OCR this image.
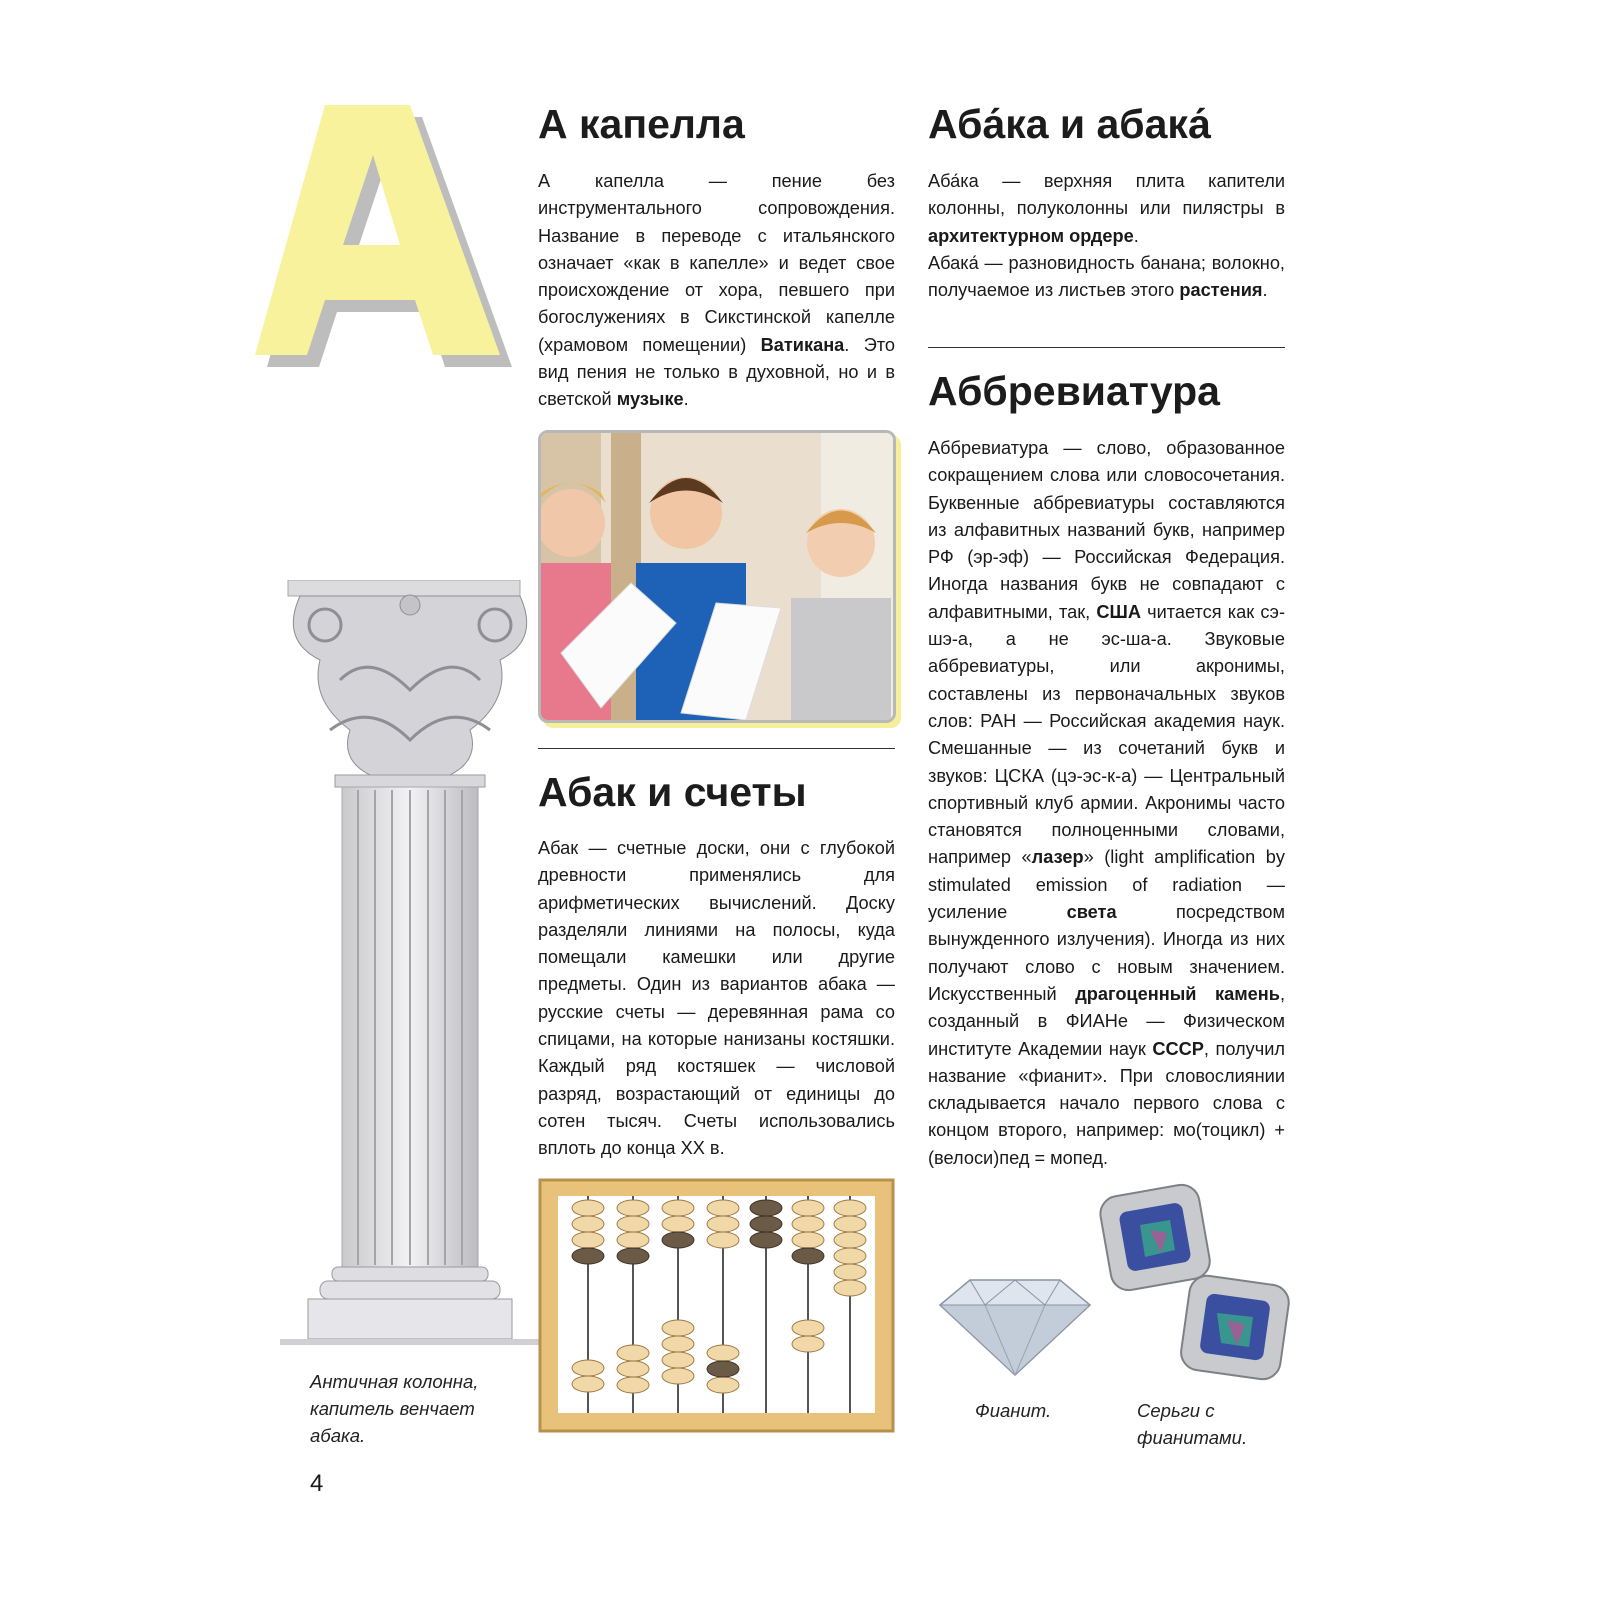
A
Античная колонна, капитель венчает абака.
4
А капелла

А капелла — пение без инструментального сопровождения. Название в переводе с итальянского означает «как в капелле» и ведет свое происхождение от хора, певшего при богослужениях в Сикстинской капелле (храмовом помещении) Ватикана. Это вид пения не только в духовной, но и в светской музыке.

Абак и счеты
Абак — счетные доски, они с глубокой древности применялись для арифметических вычислений. Доску разделяли линиями на полосы, куда помещали камешки или другие предметы. Один из вариантов абака — русские счеты — деревянная рама со спицами, на которые нанизаны костяшки. Каждый ряд костяшек — числовой разряд, возрастающий от единицы до сотен тысяч. Счеты использовались вплоть до конца XX в.
Аба́ка и абака́

Аба́ка — верхняя плита капители колонны, полуколонны или пилястры в архитектурном ордере.

Абака́ — разновидность банана; волокно, получаемое из листьев этого растения.

Аббревиатура

Аббревиатура — слово, образованное сокращением слова или словосочетания. Буквенные аббревиатуры составляются из алфавитных названий букв, например РФ (эр-эф) — Российская Федерация. Иногда названия букв не совпадают с алфавитными, так, США читается как сэ-шэ-а, а не эс-ша-а. Звуковые аббревиатуры, или акронимы, составлены из первоначальных звуков слов: РАН — Российская академия наук. Смешанные — из сочетаний букв и звуков: ЦСКА (цэ-эс-к-а) — Центральный спортивный клуб армии. Акронимы часто становятся полноценными словами, например «лазер» (light amplification by stimulated emission of radiation — усиление света посредством вынужденного излучения). Иногда из них получают слово с новым значением. Искусственный драгоценный камень, созданный в ФИАНе — Физическом институте Академии наук СССР, получил название «фианит». При словослиянии складывается начало первого слова с концом второго, например: мо(тоцикл) + (велоси)пед = мопед.

Фианит.	Серьги с фианитами.
